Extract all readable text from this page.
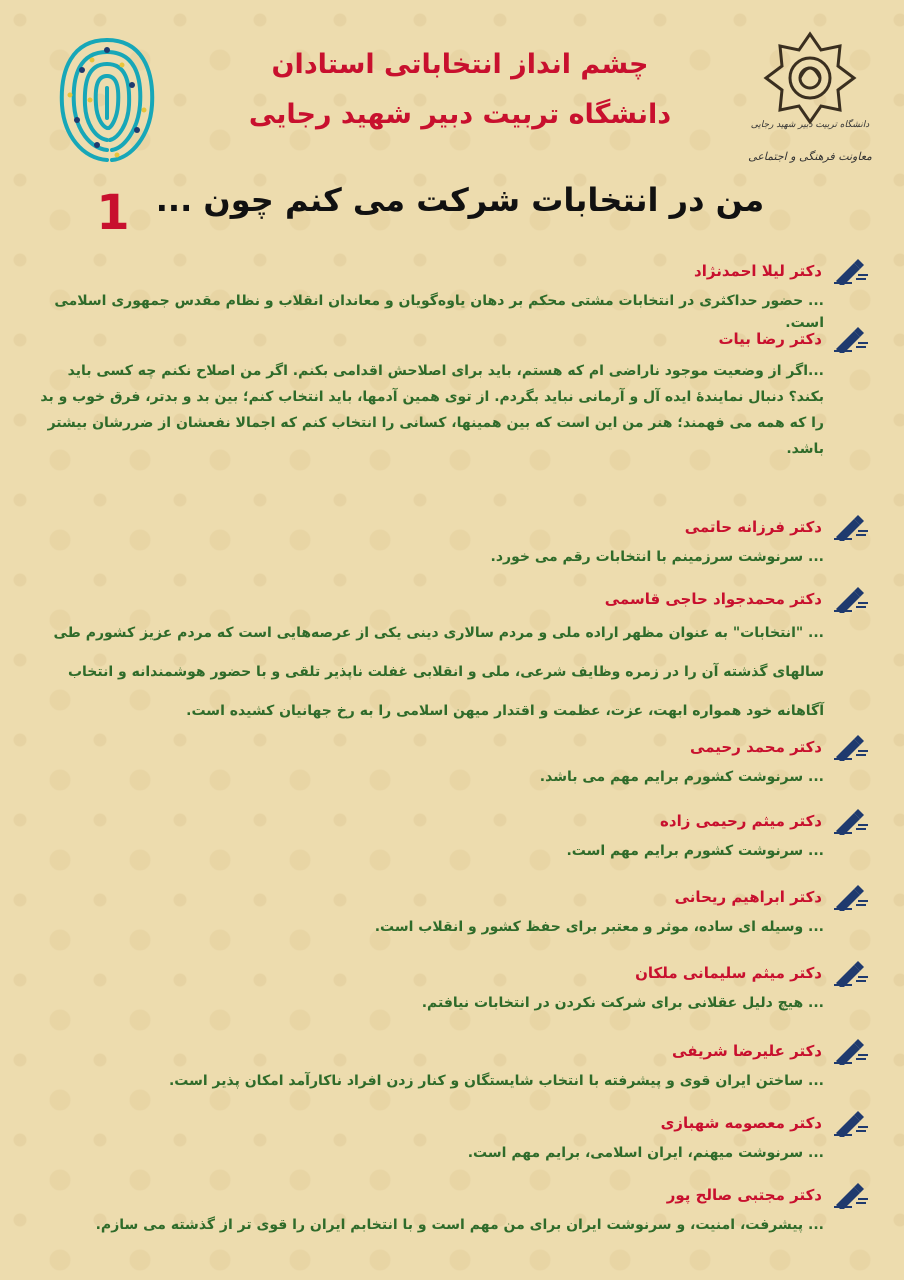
دانشگاه تربیت دبیر شهید رجایی
معاونت فرهنگی و اجتماعی
چشم انداز انتخاباتی استادان
دانشگاه تربیت دبیر شهید رجایی
من در انتخابات شرکت می کنم چون ...
1
دکتر لیلا احمدنژاد
... حضور حداکثری در انتخابات مشتی محکم بر دهان یاوه‌گویان و معاندان انقلاب و نظام مقدس جمهوری اسلامی است.
دکتر رضا بیات
...اگر از وضعیت موجود ناراضی ام که هستم، باید برای اصلاحش اقدامی بکنم. اگر من اصلاح نکنم چه کسی باید بکند؟ دنبال نمایندهٔ ایده آل و آرمانی نباید بگردم. از توی همین آدمها، باید انتخاب کنم؛ بین بد و بدتر، فرق خوب و بد را که همه می فهمند؛ هنر من این است که بین همینها، کسانی را انتخاب کنم که اجمالا نفعشان از ضررشان بیشتر باشد.
دکتر فرزانه حاتمی
... سرنوشت سرزمینم با انتخابات رقم می خورد.
دکتر محمدجواد حاجی قاسمی
... "انتخابات" به عنوان مظهر اراده ملی و مردم سالاری دینی یکی از عرصه‌هایی است که مردم عزیز کشورم طی سالهای گذشته آن را در زمره وظایف شرعی، ملی و انقلابی غفلت ناپذیر تلقی و با حضور هوشمندانه و انتخاب آگاهانه خود همواره ابهت، عزت، عظمت و اقتدار میهن اسلامی را به رخ جهانیان کشیده است.
دکتر محمد رحیمی
... سرنوشت کشورم برایم مهم می باشد.
دکتر میثم رحیمی زاده
... سرنوشت کشورم برایم مهم است.
دکتر ابراهیم ریحانی
... وسیله ای ساده، موثر و معتبر برای حفظ کشور و انقلاب است.
دکتر میثم سلیمانی ملکان
... هیچ دلیل عقلانی برای شرکت نکردن در انتخابات نیافتم.
دکتر علیرضا شریفی
... ساختن ایران قوی و پیشرفته با انتخاب شایستگان و کنار زدن افراد ناکارآمد امکان پذیر است.
دکتر معصومه شهبازی
... سرنوشت میهنم، ایران اسلامی، برایم مهم است.
دکتر مجتبی صالح پور
... پیشرفت، امنیت، و سرنوشت ایران برای من مهم است و با انتخابم ایران را قوی تر از گذشته می سازم.
